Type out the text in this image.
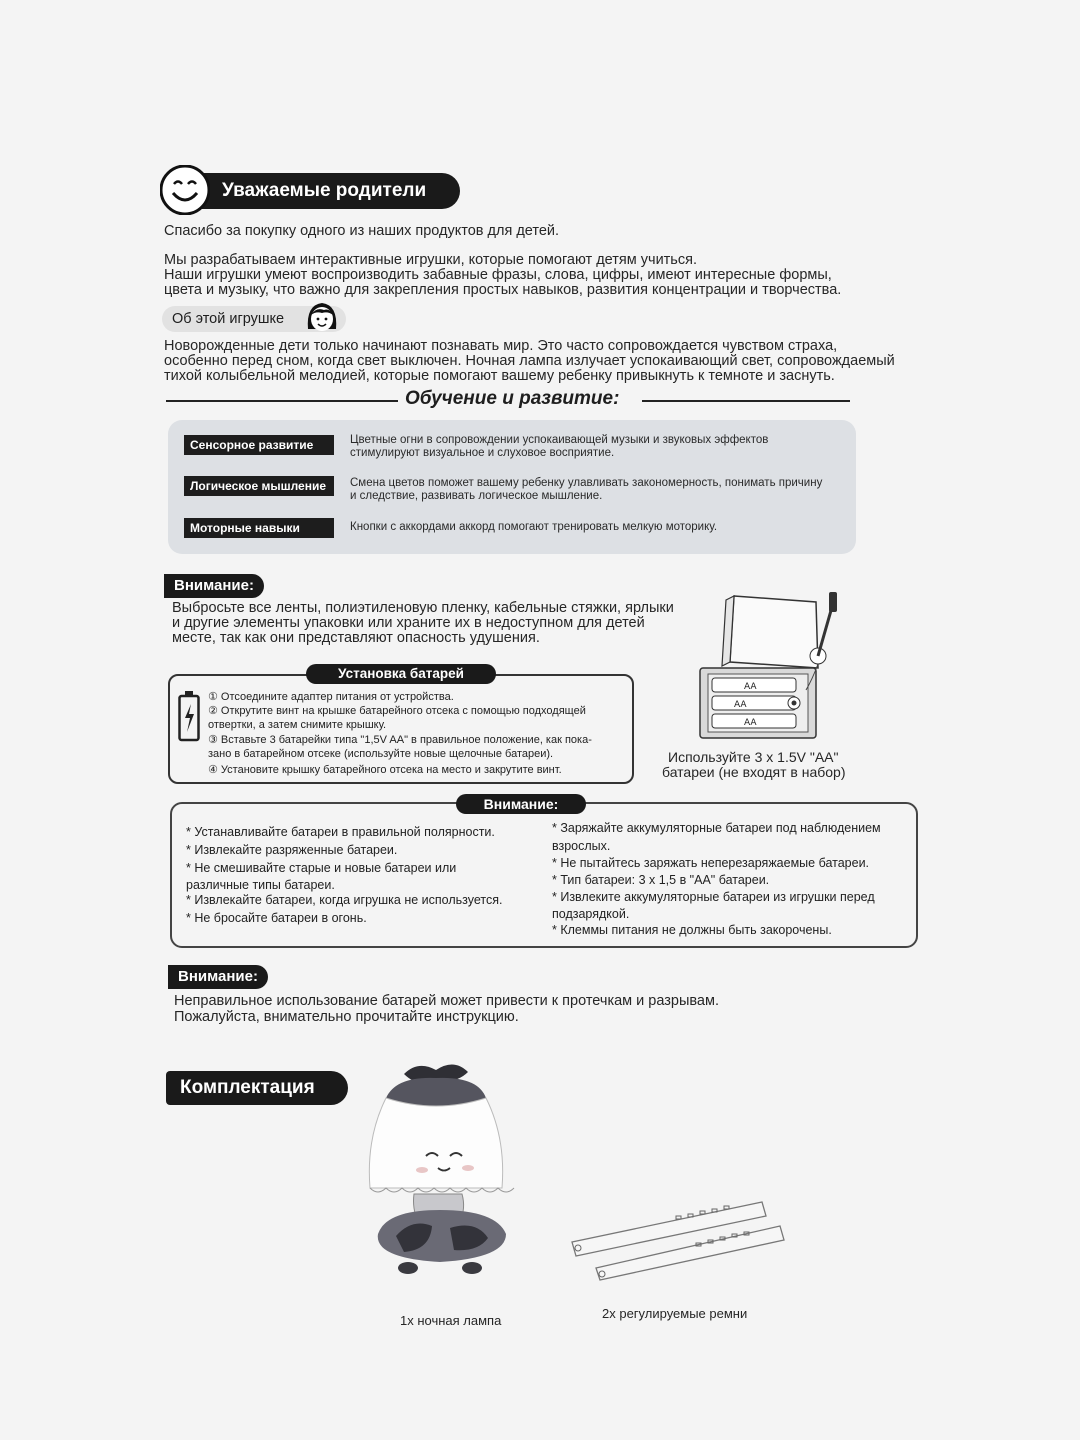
Уважаемые родители

Спасибо за покупку одного из наших продуктов для детей.

Мы разрабатываем интерактивные игрушки, которые помогают детям учиться.

Наши игрушки умеют воспроизводить забавные фразы, слова, цифры, имеют интересные формы,

цвета и музыку, что важно для закрепления простых навыков, развития концентрации и творчества.

Об этой игрушке

Новорожденные дети только начинают познавать мир. Это часто сопровождается чувством страха,

особенно перед сном, когда свет выключен. Ночная лампа излучает успокаивающий свет, сопровождаемый

тихой колыбельной мелодией, которые помогают вашему ребенку привыкнуть к темноте и заснуть.

Обучение и развитие:
Сенсорное развитие	Цветные огни в сопровождении успокаивающей музыки и звуковых эффектов
стимулируют визуальное и слуховое восприятие.
Логическое мышление	Смена цветов поможет вашему ребенку улавливать закономерность, понимать причину
и следствие, развивать логическое мышление.
Моторные навыки	Кнопки с аккордами аккорд помогают тренировать мелкую моторику.
Внимание:

Выбросьте все ленты, полиэтиленовую пленку, кабельные стяжки, ярлыки

и другие элементы упаковки или храните их в недоступном для детей

месте, так как они представляют опасность удушения.

① Отсоедините адаптер питания от устройства.
② Открутите винт на крышке батарейного отсека с помощью подходящей
отвертки, а затем снимите крышку.
③ Вставьте 3 батарейки типа "1,5V AA" в правильное положение, как пока-
зано в батарейном отсеке (используйте новые щелочные батареи).
④ Установите крышку батарейного отсека на место и закрутите винт.
Установка батарей
AA
AA
AA

Используйте 3 x 1.5V "AA"

батареи (не входят в набор)

* Устанавливайте батареи в правильной полярности.
* Извлекайте разряженные батареи.
* Не смешивайте старые и новые батареи или
различные типы батареи.
* Извлекайте батареи, когда игрушка не используется.
* Не бросайте батареи в огонь.
* Заряжайте аккумуляторные батареи под наблюдением
взрослых.
* Не пытайтесь заряжать неперезаряжаемые батареи.
* Тип батареи: 3 x 1,5 в "AA" батареи.
* Извлеките аккумуляторные батареи из игрушки перед
подзарядкой.
* Клеммы питания не должны быть закорочены.
Внимание:
Внимание:

Неправильное использование батарей может привести к протечкам и разрывам.

Пожалуйста, внимательно прочитайте инструкцию.

Комплектация

1x ночная лампа	2x регулируемые ремни
